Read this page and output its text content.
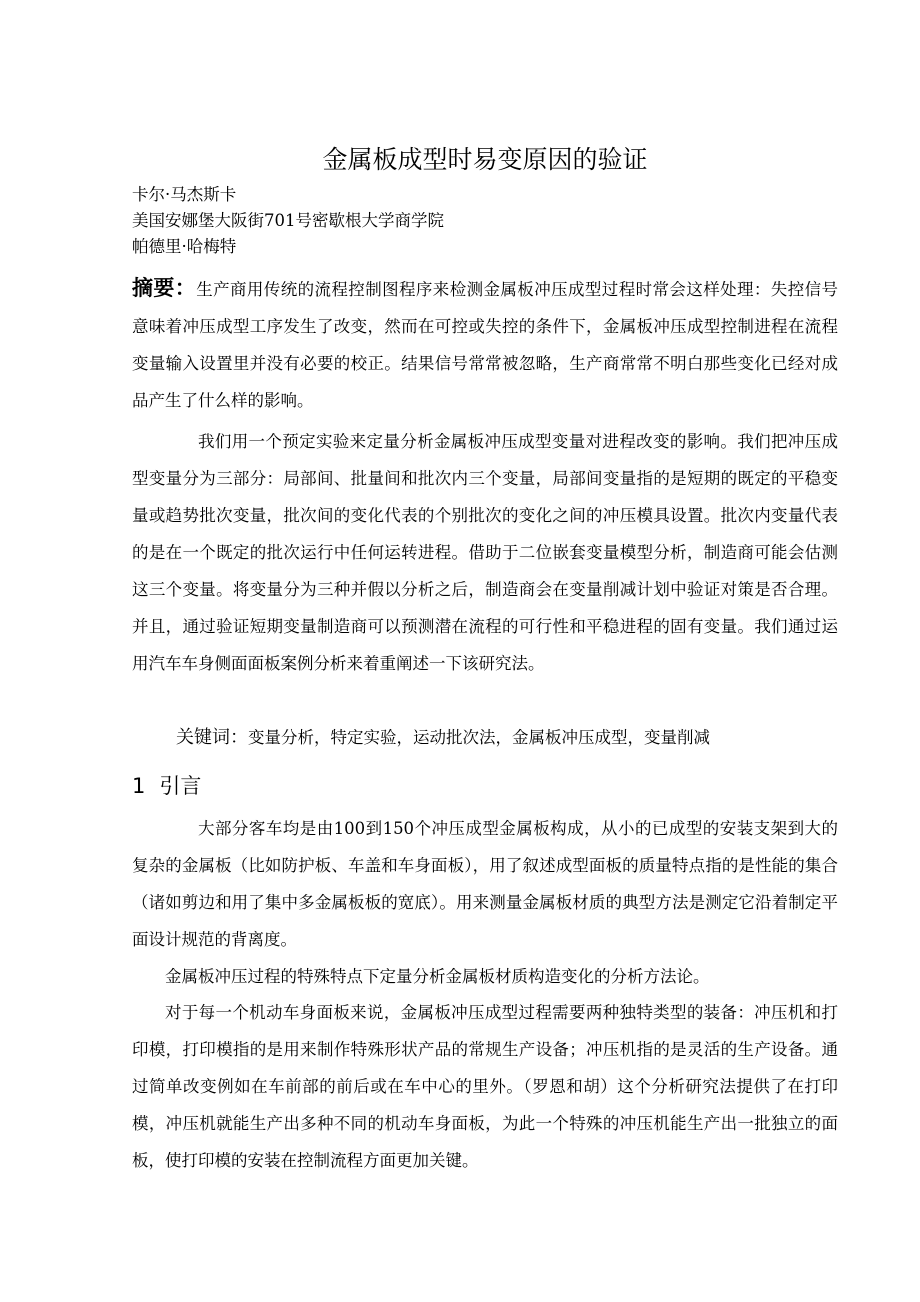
金属板成型时易变原因的验证
卡尔·马杰斯卡
美国安娜堡大阪街701号密歇根大学商学院
帕德里·哈梅特

摘要：生产商用传统的流程控制图程序来检测金属板冲压成型过程时常会这样处理：失控信号意味着冲压成型工序发生了改变，然而在可控或失控的条件下，金属板冲压成型控制进程在流程变量输入设置里并没有必要的校正。结果信号常常被忽略，生产商常常不明白那些变化已经对成品产生了什么样的影响。

我们用一个预定实验来定量分析金属板冲压成型变量对进程改变的影响。我们把冲压成型变量分为三部分：局部间、批量间和批次内三个变量，局部间变量指的是短期的既定的平稳变量或趋势批次变量，批次间的变化代表的个别批次的变化之间的冲压模具设置。批次内变量代表的是在一个既定的批次运行中任何运转进程。借助于二位嵌套变量模型分析，制造商可能会估测这三个变量。将变量分为三种并假以分析之后，制造商会在变量削减计划中验证对策是否合理。并且，通过验证短期变量制造商可以预测潜在流程的可行性和平稳进程的固有变量。我们通过运用汽车车身侧面面板案例分析来着重阐述一下该研究法。

关键词：变量分析，特定实验，运动批次法，金属板冲压成型，变量削减
1 引言

大部分客车均是由100到150个冲压成型金属板构成，从小的已成型的安装支架到大的复杂的金属板（比如防护板、车盖和车身面板），用了叙述成型面板的质量特点指的是性能的集合（诸如剪边和用了集中多金属板板的宽底）。用来测量金属板材质的典型方法是测定它沿着制定平面设计规范的背离度。

金属板冲压过程的特殊特点下定量分析金属板材质构造变化的分析方法论。

对于每一个机动车身面板来说，金属板冲压成型过程需要两种独特类型的装备：冲压机和打印模，打印模指的是用来制作特殊形状产品的常规生产设备；冲压机指的是灵活的生产设备。通过简单改变例如在车前部的前后或在车中心的里外。（罗恩和胡）这个分析研究法提供了在打印模，冲压机就能生产出多种不同的机动车身面板，为此一个特殊的冲压机能生产出一批独立的面板，使打印模的安装在控制流程方面更加关键。
